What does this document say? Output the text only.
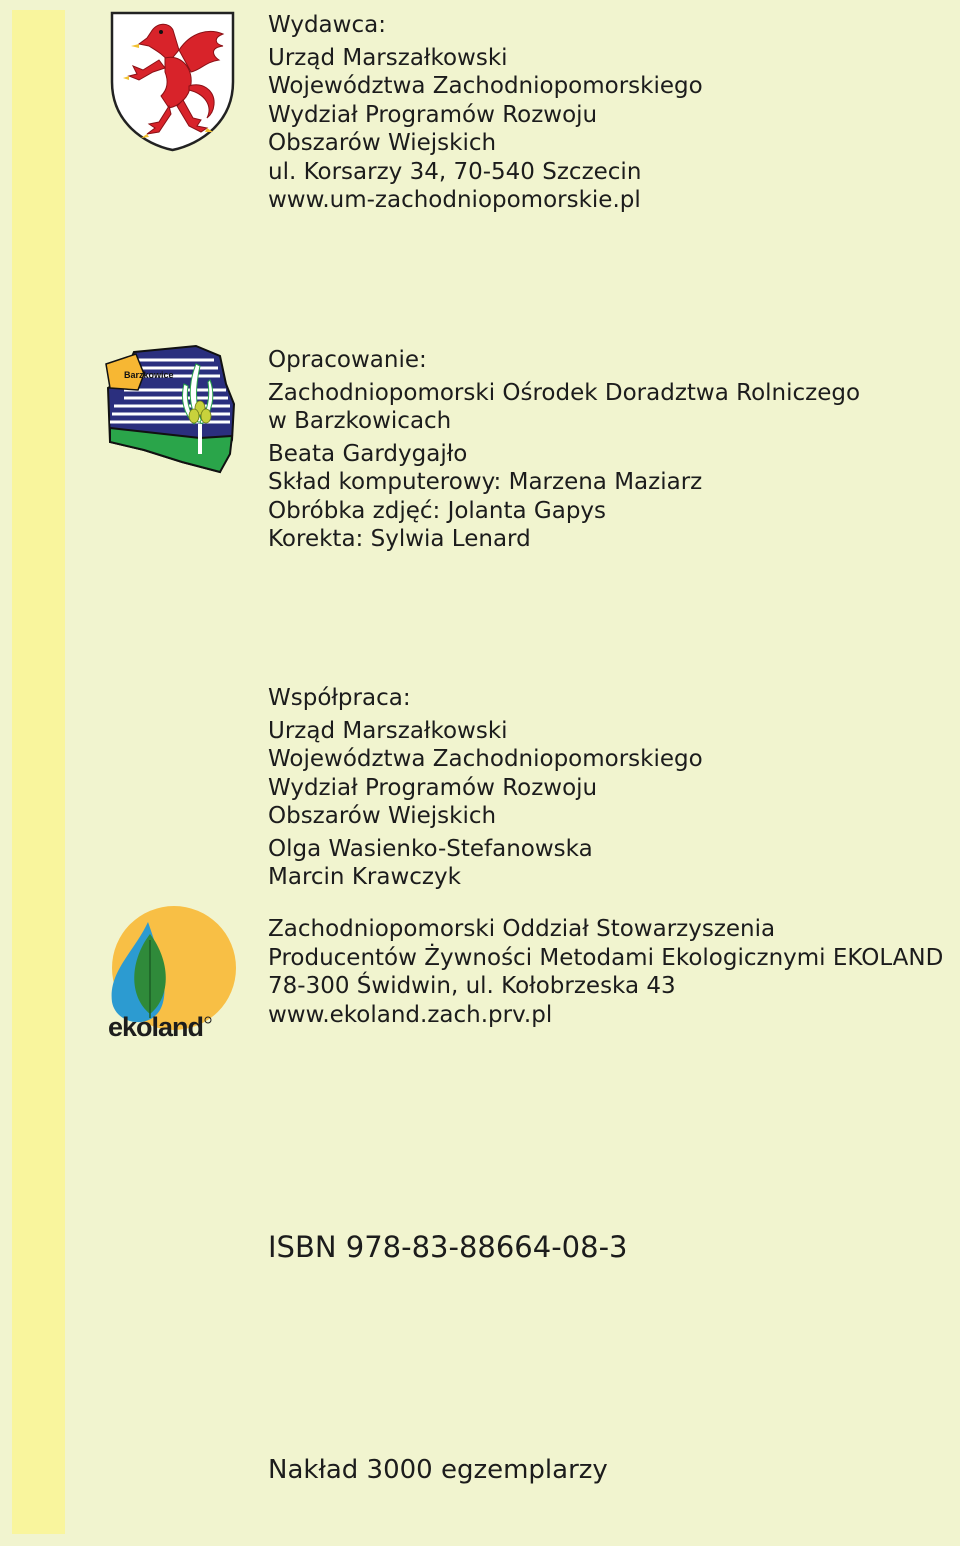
Wydawca:
Urząd Marszałkowski
Województwa Zachodniopomorskiego
Wydział Programów Rozwoju
Obszarów Wiejskich
ul. Korsarzy 34, 70-540 Szczecin
www.um-zachodniopomorskie.pl
Barzkowice
Opracowanie:
Zachodniopomorski Ośrodek Doradztwa Rolniczego
w Barzkowicach
Beata Gardygajło
Skład komputerowy: Marzena Maziarz
Obróbka zdjęć: Jolanta Gapys
Korekta: Sylwia Lenard
Współpraca:
Urząd Marszałkowski
Województwa Zachodniopomorskiego
Wydział Programów Rozwoju
Obszarów Wiejskich
Olga Wasienko-Stefanowska
Marcin Krawczyk
ekoland
Zachodniopomorski Oddział Stowarzyszenia
Producentów Żywności Metodami Ekologicznymi EKOLAND
78-300 Świdwin, ul. Kołobrzeska 43
www.ekoland.zach.prv.pl
ISBN 978-83-88664-08-3
Nakład 3000 egzemplarzy
